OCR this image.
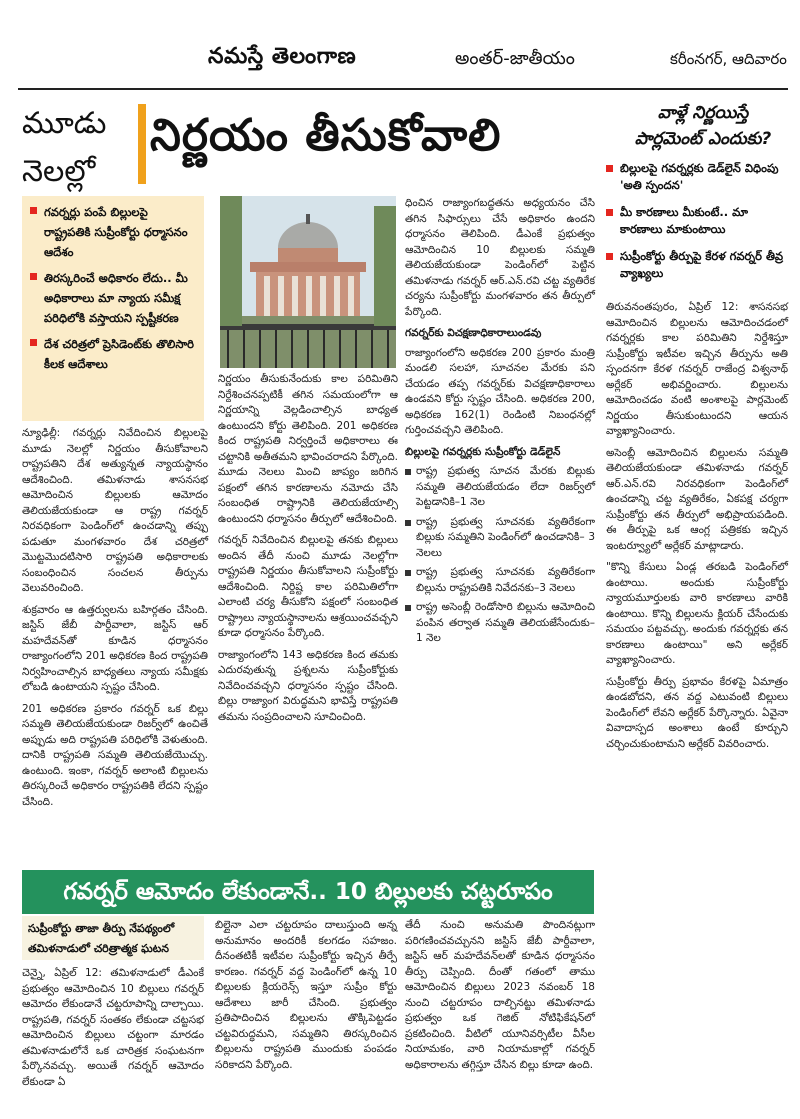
నమస్తే తెలంగాణ	అంతర్-జాతీయం	కరీంనగర్, ఆదివారం
మూడు
నెలల్లో
నిర్ణయం తీసుకోవాలి	వాళ్లే నిర్ణయిస్తే
పార్లమెంట్ ఎందుకు?
బిల్లులపై గవర్నర్లకు డెడ్‌లైన్ విధింపు 'అతి స్పందన'
మీ కారణాలు మీకుంటే.. మా కారణాలు మాకుంటాయి
సుప్రీంకోర్టు తీర్పుపై కేరళ గవర్నర్ తీవ్ర వ్యాఖ్యలు
గవర్నర్లు పంపే బిల్లులపై రాష్ట్రపతికి సుప్రీంకోర్టు ధర్మాసనం ఆదేశం
తిరస్కరించే అధికారం లేదు.. మీ అధికారాలు మా న్యాయ సమీక్ష పరిధిలోకి వస్తాయని స్పష్టీకరణ
దేశ చరిత్రలో ప్రెసిడెంట్‌కు తొలిసారి కీలక ఆదేశాలు

న్యూఢిల్లీ: గవర్నర్లు నివేదించిన బిల్లులపై మూడు నెలల్లో నిర్ణయం తీసుకోవాలని రాష్ట్రపతిని దేశ అత్యున్నత న్యాయస్థానం ఆదేశించింది. తమిళనాడు శాసనసభ ఆమోదించిన బిల్లులకు ఆమోదం తెలియజేయకుండా ఆ రాష్ట్ర గవర్నర్ నిరవధికంగా పెండింగ్‌లో ఉంచడాన్ని తప్పు పడుతూ మంగళవారం దేశ చరిత్రలో మొట్టమొదటిసారి రాష్ట్రపతి అధికారాలకు సంబంధించిన సంచలన తీర్పును వెలువరించింది.

శుక్రవారం ఆ ఉత్తర్వులను బహిర్గతం చేసింది. జస్టిస్ జేబీ పార్దీవాలా, జస్టిస్ ఆర్ మహదేవన్‌తో కూడిన ధర్మాసనం రాజ్యాంగంలోని 201 అధికరణ కింద రాష్ట్రపతి నిర్వహించాల్సిన బాధ్యతలు న్యాయ సమీక్షకు లోబడి ఉంటాయని స్పష్టం చేసింది.

201 అధికరణ ప్రకారం గవర్నర్ ఒక బిల్లు సమ్మతి తెలియజేయకుండా రిజర్వ్‌లో ఉంచితే అప్పుడు అది రాష్ట్రపతి పరిధిలోకి వెళుతుంది. దానికి రాష్ట్రపతి సమ్మతి తెలియజేయొచ్చు. ఉంటుంది. ఇంకా, గవర్నర్ అలాంటి బిల్లులను తిరస్కరించే అధికారం రాష్ట్రపతికి లేదని స్పష్టం చేసింది.

నిర్ణయం తీసుకునేందుకు కాల పరిమితిని నిర్దేశించనప్పటికీ తగిన సమయంలోగా ఆ నిర్ణయాన్ని వెల్లడించాల్సిన బాధ్యత ఉంటుందని కోర్టు తెలిపింది. 201 అధికరణ కింద రాష్ట్రపతి నిర్వర్తించే అధికారాలు ఈ చట్టానికి అతీతమని భావించరాదని పేర్కొంది. మూడు నెలలు మించి జాప్యం జరిగిన పక్షంలో తగిన కారణాలను నమోదు చేసి సంబంధిత రాష్ట్రానికి తెలియజేయాల్సి ఉంటుందని ధర్మాసనం తీర్పులో ఆదేశించింది.

గవర్నర్ నివేదించిన బిల్లులపై తనకు బిల్లులు అందిన తేదీ నుంచి మూడు నెలల్లోగా రాష్ట్రపతి నిర్ణయం తీసుకోవాలని సుప్రీంకోర్టు ఆదేశించింది. నిర్దిష్ట కాల పరిమితిలోగా ఎలాంటి చర్య తీసుకోని పక్షంలో సంబంధిత రాష్ట్రాలు న్యాయస్థానాలను ఆశ్రయించవచ్చని కూడా ధర్మాసనం పేర్కొంది.

రాజ్యాంగంలోని 143 అధికరణ కింద తమకు ఎదురవుతున్న ప్రశ్నలను సుప్రీంకోర్టుకు నివేదించవచ్చని ధర్మాసనం స్పష్టం చేసింది. బిల్లు రాజ్యాంగ విరుద్ధమని భావిస్తే రాష్ట్రపతి తమను సంప్రదించాలని సూచించింది.

ధించిన రాజ్యాంగబద్ధతను అధ్యయనం చేసి తగిన సిఫార్సులు చేసే అధికారం ఉందని ధర్మాసనం తెలిపింది. డీఎంకే ప్రభుత్వం ఆమోదించిన 10 బిల్లులకు సమ్మతి తెలియజేయకుండా పెండింగ్‌లో పెట్టిన తమిళనాడు గవర్నర్ ఆర్.ఎన్.రవి చట్ట వ్యతిరేక చర్యను సుప్రీంకోర్టు మంగళవారం తన తీర్పులో పేర్కొంది.

గవర్నర్‌కు విచక్షణాధికారాలుండవు

రాజ్యాంగంలోని అధికరణ 200 ప్రకారం మంత్రి మండలి సలహా, సూచనల మేరకు పని చేయడం తప్ప గవర్నర్‌కు విచక్షణాధికారాలు ఉండవని కోర్టు స్పష్టం చేసింది. అధికరణ 200, అధికరణ 162(1) రెండింటి నిబంధనల్లో గుర్తించవచ్చని తెలిపింది.

బిల్లులపై గవర్నర్లకు సుప్రీంకోర్టు డెడ్‌లైన్
రాష్ట్ర ప్రభుత్వ సూచన మేరకు బిల్లుకు సమ్మతి తెలియజేయడం లేదా రిజర్వ్‌లో పెట్టడానికి–1 నెల
రాష్ట్ర ప్రభుత్వ సూచనకు వ్యతిరేకంగా బిల్లుకు సమ్మతిని పెండింగ్‌లో ఉంచడానికి– 3 నెలలు
రాష్ట్ర ప్రభుత్వ సూచనకు వ్యతిరేకంగా బిల్లును రాష్ట్రపతికి నివేదనకు–3 నెలలు
రాష్ట్ర అసెంబ్లీ రెండోసారి బిల్లును ఆమోదించి పంపిన తర్వాత సమ్మతి తెలియజేసేందుకు–1 నెల

తిరువనంతపురం, ఏప్రిల్ 12: శాసనసభ ఆమోదించిన బిల్లులను ఆమోదించడంలో గవర్నర్లకు కాల పరిమితిని నిర్దేశిస్తూ సుప్రీంకోర్టు ఇటీవల ఇచ్చిన తీర్పును అతి స్పందనగా కేరళ గవర్నర్ రాజేంద్ర విశ్వనాథ్ అర్లేకర్ అభివర్ణించారు. బిల్లులను ఆమోదించడం వంటి అంశాలపై పార్లమెంట్ నిర్ణయం తీసుకుంటుందని ఆయన వ్యాఖ్యానించారు.

అసెంబ్లీ ఆమోదించిన బిల్లులను సమ్మతి తెలియజేయకుండా తమిళనాడు గవర్నర్ ఆర్.ఎన్.రవి నిరవధికంగా పెండింగ్‌లో ఉంచడాన్ని చట్ట వ్యతిరేకం, ఏకపక్ష చర్యగా సుప్రీంకోర్టు తన తీర్పులో అభిప్రాయపడింది. ఈ తీర్పుపై ఒక ఆంగ్ల పత్రికకు ఇచ్చిన ఇంటర్వ్యూలో అర్లేకర్ మాట్లాడారు.

"కొన్ని కేసులు ఏండ్ల తరబడి పెండింగ్‌లో ఉంటాయి. అందుకు సుప్రీంకోర్టు న్యాయమూర్తులకు వారి కారణాలు వారికి ఉంటాయి. కొన్ని బిల్లులను క్లియర్ చేసేందుకు సమయం పట్టవచ్చు. అందుకు గవర్నర్లకు తన కారణాలు ఉంటాయి" అని అర్లేకర్ వ్యాఖ్యానించారు.

సుప్రీంకోర్టు తీర్పు ప్రభావం కేరళపై ఏమాత్రం ఉండబోదని, తన వద్ద ఎటువంటి బిల్లులు పెండింగ్‌లో లేవని అర్లేకర్ పేర్కొన్నారు. ఏవైనా వివాదాస్పద అంశాలు ఉంటే కూర్చుని చర్చించుకుంటామని అర్లేకర్ వివరించారు.

గవర్నర్ ఆమోదం లేకుండానే.. 10 బిల్లులకు చట్టరూపం
సుప్రీంకోర్టు తాజా తీర్పు నేపథ్యంలో తమిళనాడులో చరిత్రాత్మక ఘటన

చెన్నై, ఏప్రిల్ 12: తమిళనాడులో డీఎంకే ప్రభుత్వం ఆమోదించిన 10 బిల్లులు గవర్నర్ ఆమోదం లేకుండానే చట్టరూపాన్ని దాల్చాయి. రాష్ట్రపతి, గవర్నర్ సంతకం లేకుండా చట్టసభ ఆమోదించిన బిల్లులు చట్టంగా మారడం తమిళనాడులోనే ఒక చారిత్రక సంఘటనగా పేర్కొనవచ్చు. అయితే గవర్నర్ ఆమోదం లేకుండా ఏ

బిల్లైనా ఎలా చట్టరూపం దాలుస్తుంది అన్న అనుమానం అందరికీ కలగడం సహజం. దీనంతటికీ ఇటీవల సుప్రీంకోర్టు ఇచ్చిన తీర్పే కారణం. గవర్నర్ వద్ద పెండింగ్‌లో ఉన్న 10 బిల్లులకు క్లియరెన్స్ ఇస్తూ సుప్రీం కోర్టు ఆదేశాలు జారీ చేసింది. ప్రభుత్వం ప్రతిపాదించిన బిల్లులను తొక్కిపెట్టడం చట్టవిరుద్ధమని, సమ్మతిని తిరస్కరించిన బిల్లులను రాష్ట్రపతి ముందుకు పంపడం సరికాదని పేర్కొంది.

తేదీ నుంచి అనుమతి పొందినట్లుగా పరిగణించవచ్చునని జస్టిస్ జేబీ పార్దీవాలా, జస్టిస్ ఆర్ మహదేవన్‌లతో కూడిన ధర్మాసనం తీర్పు చెప్పింది. దీంతో గతంలో తాము ఆమోదించిన బిల్లులు 2023 నవంబర్ 18 నుంచి చట్టరూపం దాల్చినట్టు తమిళనాడు ప్రభుత్వం ఒక గెజిట్ నోటిఫికేషన్‌లో ప్రకటించింది. వీటిలో యూనివర్సిటీల వీసీల నియామకం, వారి నియామకాల్లో గవర్నర్ అధికారాలను తగ్గిస్తూ చేసిన బిల్లు కూడా ఉంది.
